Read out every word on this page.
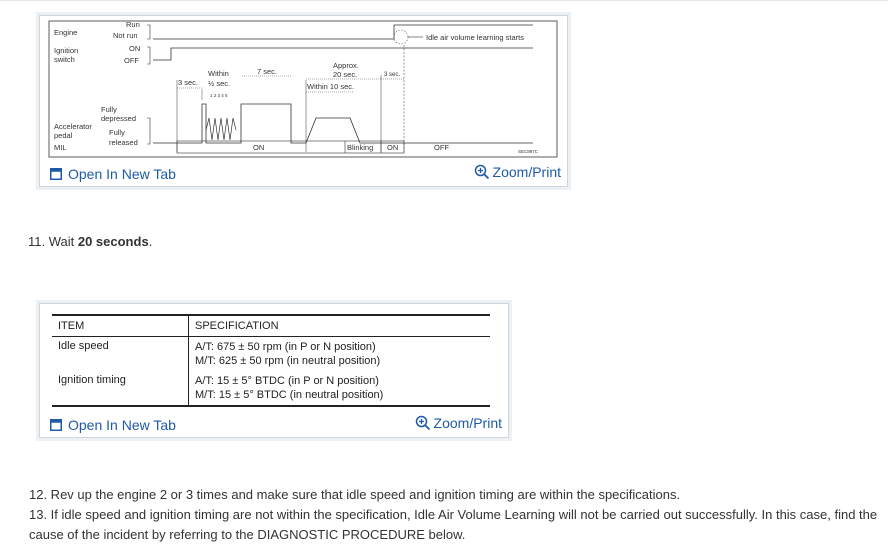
Engine
Run
Not run
Ignition
switch
ON
OFF
Idle air volume learning starts
3 sec.
Within
½ sec.
1 2 3 4 5
7 sec.
Approx.
20 sec.
Within 10 sec.
3 sec.
Fully
depressed
Accelerator
pedal	Fully
released
MIL	ON	Blinking ON	OFF	SEC897C
Open In New Tab	Zoom/Print
11. Wait 20 seconds.
ITEM	SPECIFICATION
Idle speed	A/T: 675 ± 50 rpm (in P or N position)
M/T: 625 ± 50 rpm (in neutral position)

Ignition timing	A/T: 15 ± 5° BTDC (in P or N position)
M/T: 15 ± 5° BTDC (in neutral position)
Open In New Tab	Zoom/Print

12. Rev up the engine 2 or 3 times and make sure that idle speed and ignition timing are within the specifications.

13. If idle speed and ignition timing are not within the specification, Idle Air Volume Learning will not be carried out successfully. In this case, find the cause of the incident by referring to the DIAGNOSTIC PROCEDURE below.
